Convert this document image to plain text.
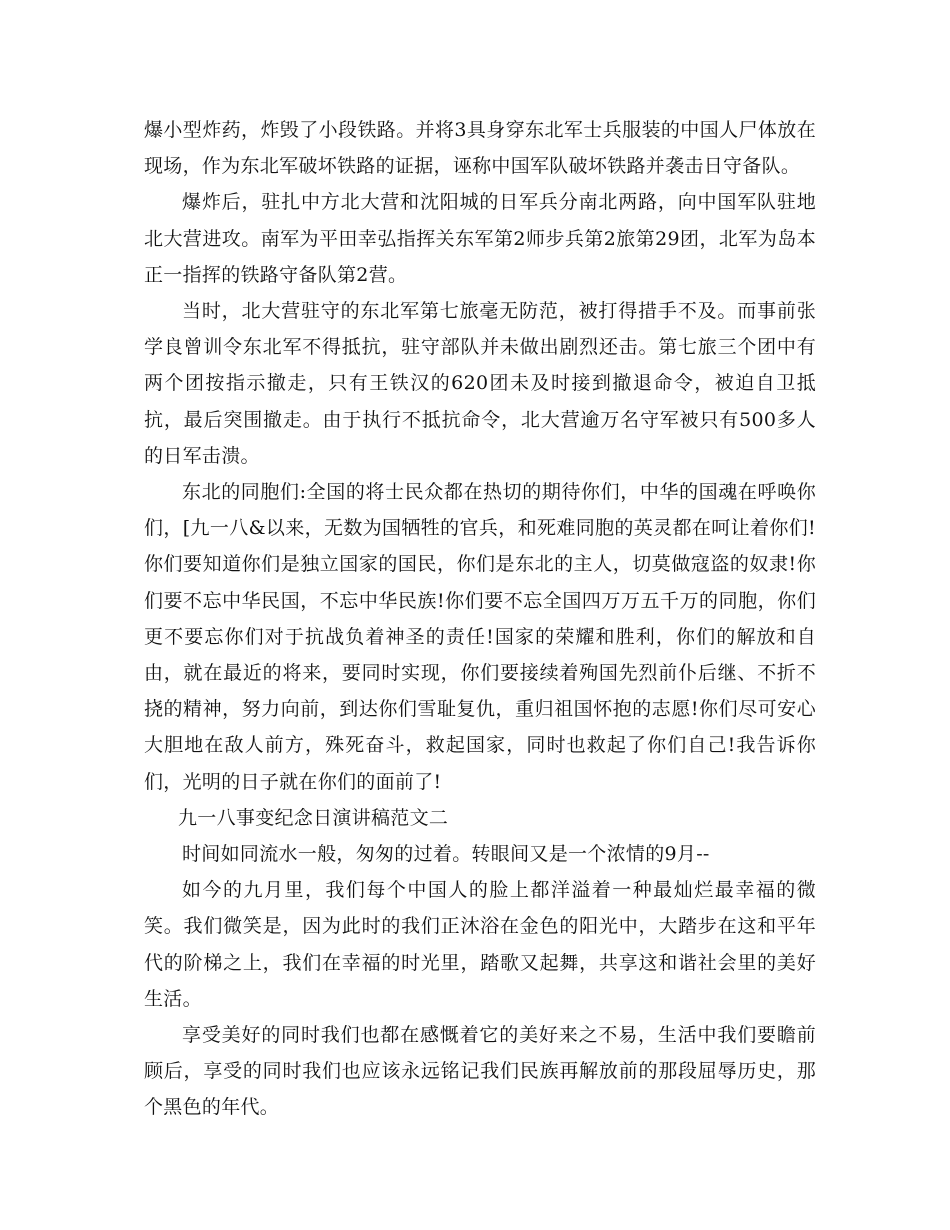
爆小型炸药，炸毁了小段铁路。并将3具身穿东北军士兵服装的中国人尸体放在现场，作为东北军破坏铁路的证据，诬称中国军队破坏铁路并袭击日守备队。

爆炸后，驻扎中方北大营和沈阳城的日军兵分南北两路，向中国军队驻地北大营进攻。南军为平田幸弘指挥关东军第2师步兵第2旅第29团，北军为岛本正一指挥的铁路守备队第2营。

当时，北大营驻守的东北军第七旅毫无防范，被打得措手不及。而事前张学良曾训令东北军不得抵抗，驻守部队并未做出剧烈还击。第七旅三个团中有两个团按指示撤走，只有王铁汉的620团未及时接到撤退命令，被迫自卫抵抗，最后突围撤走。由于执行不抵抗命令，北大营逾万名守军被只有500多人的日军击溃。

东北的同胞们:全国的将士民众都在热切的期待你们，中华的国魂在呼唤你们，[九一八&以来，无数为国牺牲的官兵，和死难同胞的英灵都在呵让着你们!你们要知道你们是独立国家的国民，你们是东北的主人，切莫做寇盗的奴隶!你们要不忘中华民国，不忘中华民族!你们要不忘全国四万万五千万的同胞，你们更不要忘你们对于抗战负着神圣的责任!国家的荣耀和胜利，你们的解放和自由，就在最近的将来，要同时实现，你们要接续着殉国先烈前仆后继、不折不挠的精神，努力向前，到达你们雪耻复仇，重归祖国怀抱的志愿!你们尽可安心大胆地在敌人前方，殊死奋斗，救起国家，同时也救起了你们自己!我告诉你们，光明的日子就在你们的面前了!

九一八事变纪念日演讲稿范文二

时间如同流水一般，匆匆的过着。转眼间又是一个浓情的9月--

如今的九月里，我们每个中国人的脸上都洋溢着一种最灿烂最幸福的微笑。我们微笑是，因为此时的我们正沐浴在金色的阳光中，大踏步在这和平年代的阶梯之上，我们在幸福的时光里，踏歌又起舞，共享这和谐社会里的美好生活。

享受美好的同时我们也都在感慨着它的美好来之不易，生活中我们要瞻前顾后，享受的同时我们也应该永远铭记我们民族再解放前的那段屈辱历史，那个黑色的年代。
